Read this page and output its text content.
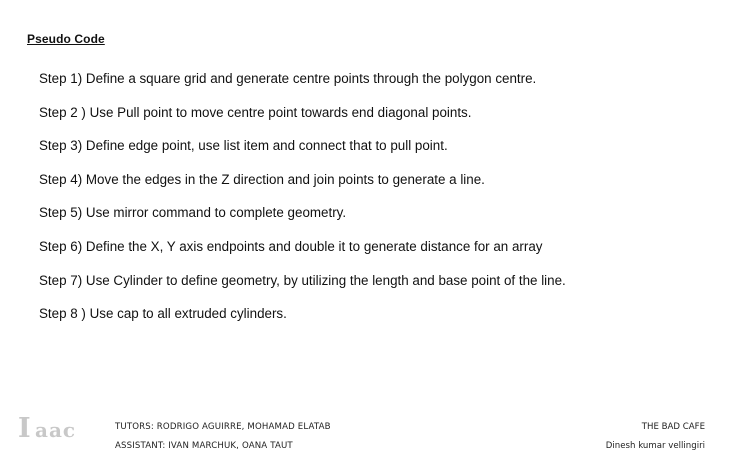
Pseudo Code
Step 1) Define a square grid and generate centre points through the polygon centre.
Step 2 ) Use Pull point to move centre point towards end diagonal points.
Step 3) Define edge point, use list item and connect that to pull point.
Step 4) Move the edges in the Z direction and join points to generate a line.
Step 5) Use mirror command to complete geometry.
Step 6) Define the X, Y axis endpoints and double it to generate distance for an array
Step 7) Use Cylinder to define geometry, by utilizing the length and base point of the line.
Step 8 ) Use cap to all extruded cylinders.
I aac	TUTORS: RODRIGO AGUIRRE, MOHAMAD ELATAB
ASSISTANT: IVAN MARCHUK, OANA TAUT
THE BAD CAFE
Dinesh kumar vellingiri
